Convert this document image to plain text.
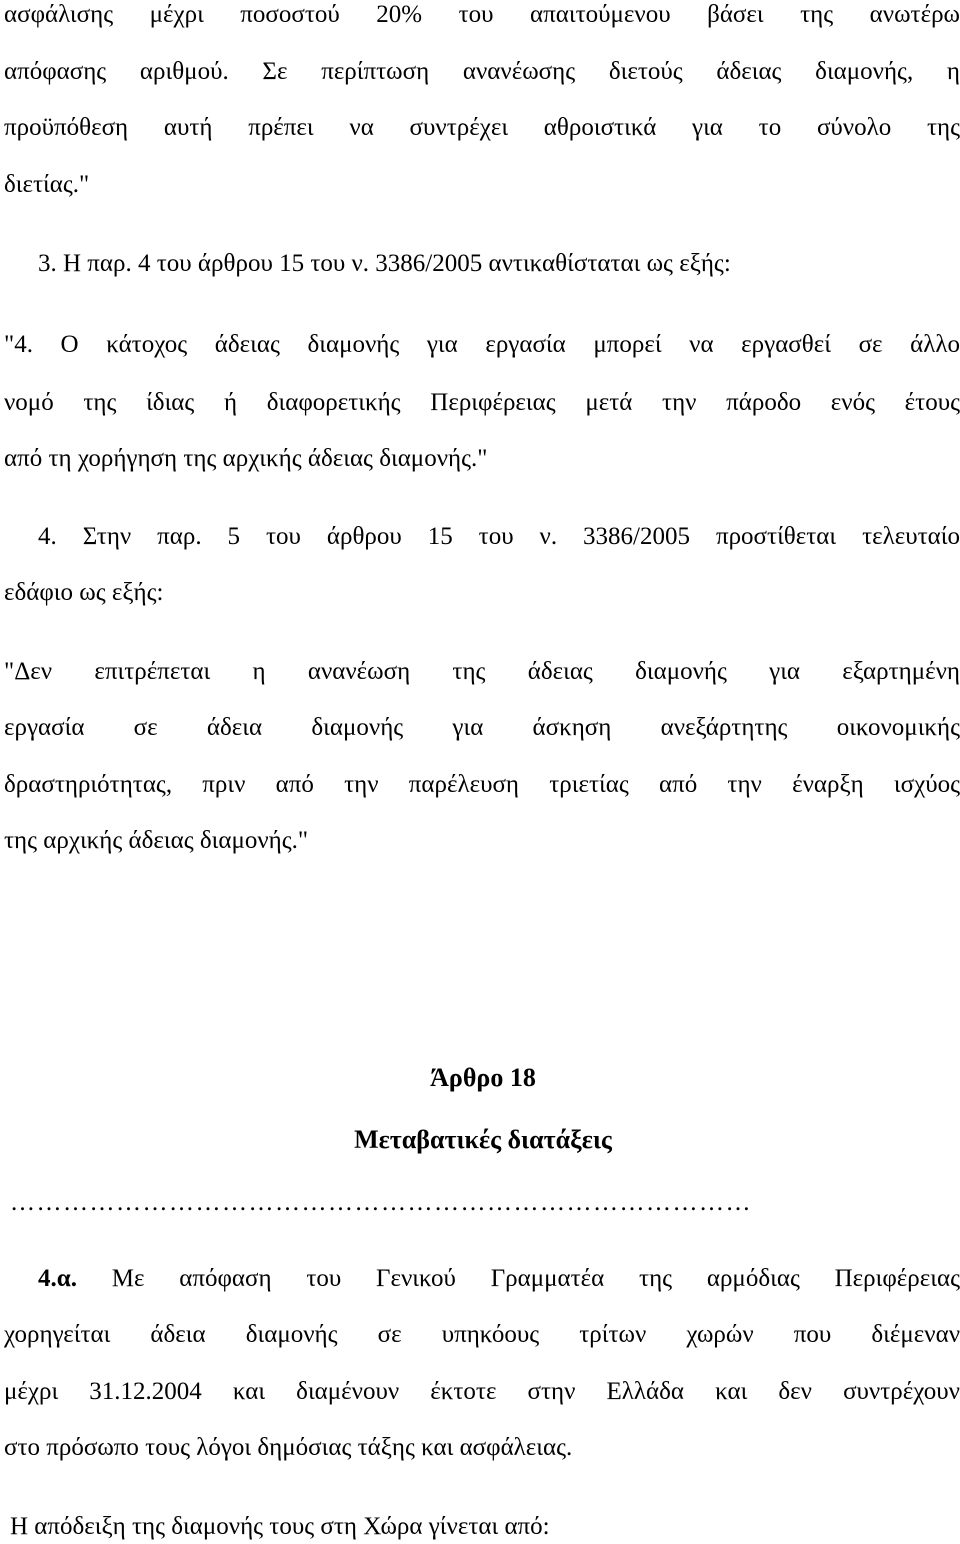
ασφάλισης μέχρι ποσοστού 20% του απαιτούμενου βάσει της ανωτέρω
απόφασης αριθμού. Σε περίπτωση ανανέωσης διετούς άδειας διαμονής, η
προϋπόθεση αυτή πρέπει να συντρέχει αθροιστικά για το σύνολο της
διετίας."
3. Η παρ. 4 του άρθρου 15 του ν. 3386/2005 αντικαθίσταται ως εξής:
"4. Ο κάτοχος άδειας διαμονής για εργασία μπορεί να εργασθεί σε άλλο
νομό της ίδιας ή διαφορετικής Περιφέρειας μετά την πάροδο ενός έτους
από τη χορήγηση της αρχικής άδειας διαμονής."
4. Στην παρ. 5 του άρθρου 15 του ν. 3386/2005 προστίθεται τελευταίο
εδάφιο ως εξής:
"Δεν επιτρέπεται η ανανέωση της άδειας διαμονής για εξαρτημένη
εργασία σε άδεια διαμονής για άσκηση ανεξάρτητης οικονομικής
δραστηριότητας, πριν από την παρέλευση τριετίας από την έναρξη ισχύος
της αρχικής άδειας διαμονής."
Άρθρο 18
Μεταβατικές διατάξεις
…………………………………………………………………………
4.α. Με απόφαση του Γενικού Γραμματέα της αρμόδιας Περιφέρειας
χορηγείται άδεια διαμονής σε υπηκόους τρίτων χωρών που διέμεναν
μέχρι 31.12.2004 και διαμένουν έκτοτε στην Ελλάδα και δεν συντρέχουν
στο πρόσωπο τους λόγοι δημόσιας τάξης και ασφάλειας.
Η απόδειξη της διαμονής τους στη Χώρα γίνεται από:
